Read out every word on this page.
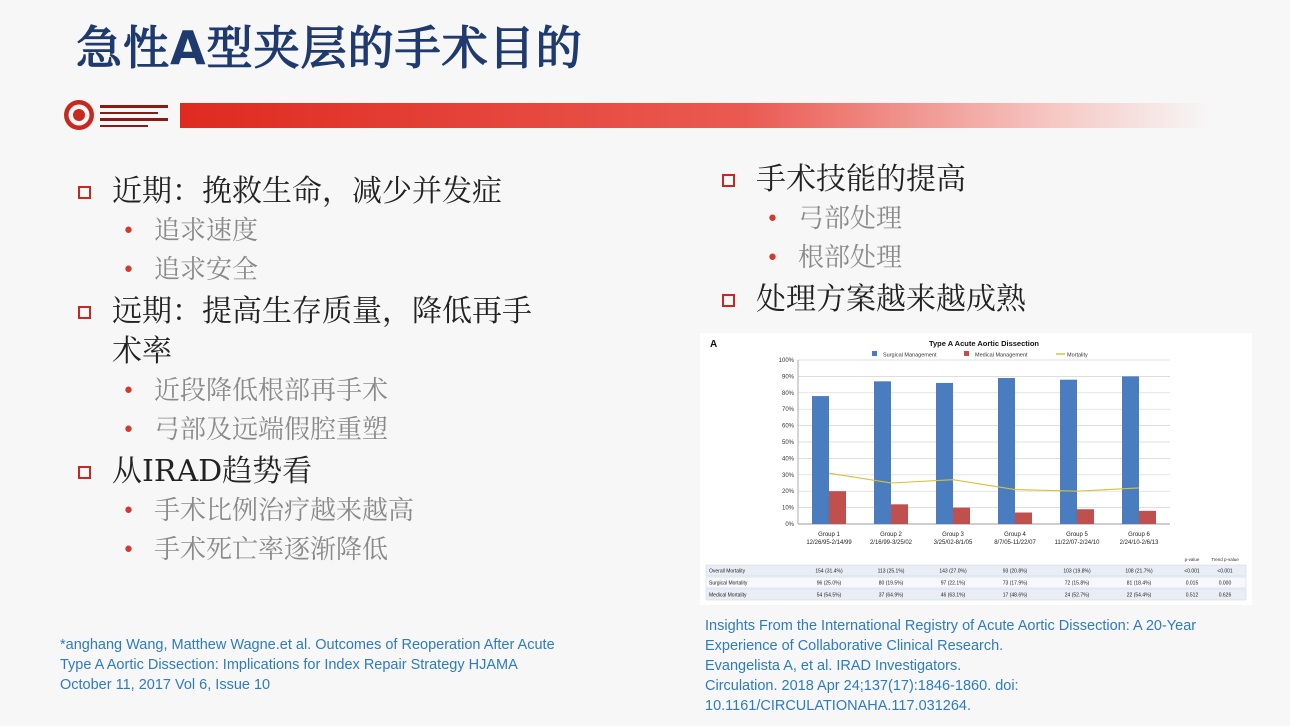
急性A型夹层的手术目的
近期：挽救生命，减少并发症
• 追求速度
• 追求安全
远期：提高生存质量，降低再手
术率
• 近段降低根部再手术
• 弓部及远端假腔重塑
从IRAD趋势看
• 手术比例治疗越来越高
• 手术死亡率逐渐降低
手术技能的提高
• 弓部处理
• 根部处理
处理方案越来越成熟
A	Type A Acute Aortic Dissection
Surgical Management	Medical Management	Mortality
0%
10%
20%
30%
40%
50%
60%
70%
80%
90%
100%
Group 1
12/26/95-2/14/99
Group 2
2/16/99-3/25/02
Group 3
3/25/02-8/1/05
Group 4
8/7/05-11/22/07
Group 5
11/22/07-2/24/10
Group 6
2/24/10-2/6/13
p-value	Trend p-value
Overall Mortality	154 (31.4%)	113 (25.1%)	143 (27.0%)	93 (20.8%)	103 (19.8%)	108 (21.7%)	<0.001	<0.001
Surgical Mortality	96 (25.0%)	80 (19.5%)	97 (22.1%)	73 (17.9%)	72 (15.8%)	81 (18.4%)	0.015	0.000
Medical Mortality	54 (54.5%)	37 (64.9%)	46 (63.1%)	17 (48.6%)	24 (52.7%)	22 (54.4%)	0.512	0.626
*anghang Wang, Matthew Wagne.et al. Outcomes of Reoperation After Acute
Type A Aortic Dissection: Implications for Index Repair Strategy HJAMA
October 11, 2017 Vol 6, Issue 10
Insights From the International Registry of Acute Aortic Dissection: A 20-Year
Experience of Collaborative Clinical Research.
Evangelista A, et al. IRAD Investigators.
Circulation. 2018 Apr 24;137(17):1846-1860. doi:
10.1161/CIRCULATIONAHA.117.031264.
